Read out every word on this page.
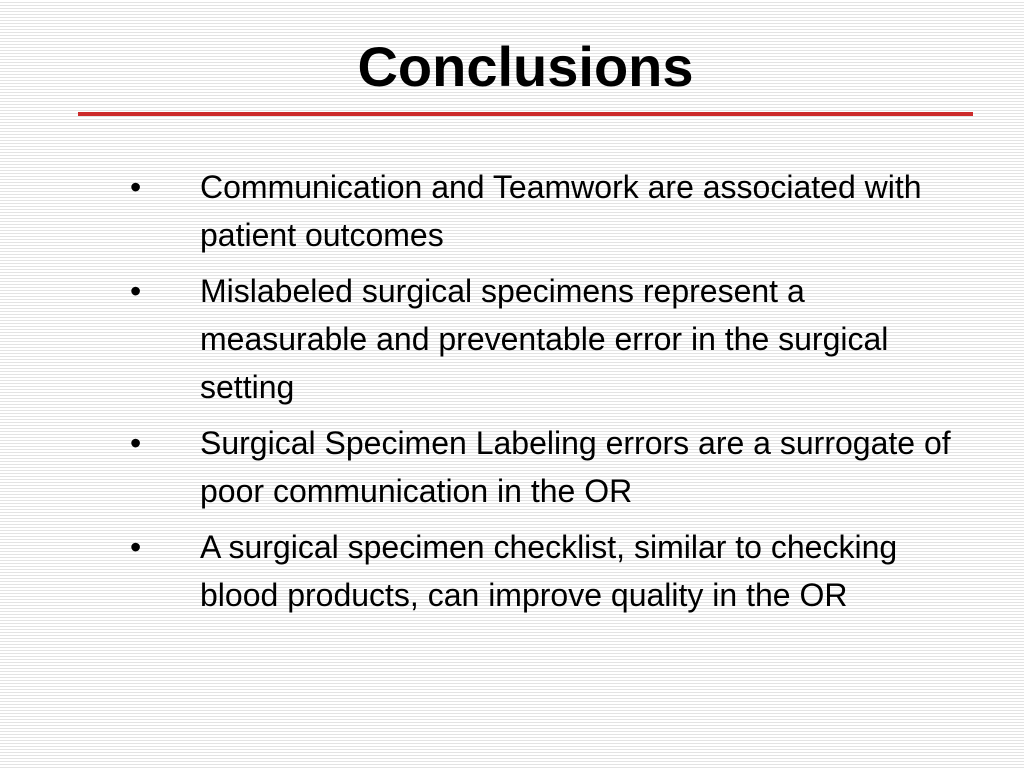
Conclusions
•	Communication and Teamwork are associated with patient outcomes
•	Mislabeled surgical specimens represent a measurable and preventable error in the surgical setting
•	Surgical Specimen Labeling errors are a surrogate of poor communication in the OR
•	A surgical specimen checklist, similar to checking blood products, can improve quality in the OR
